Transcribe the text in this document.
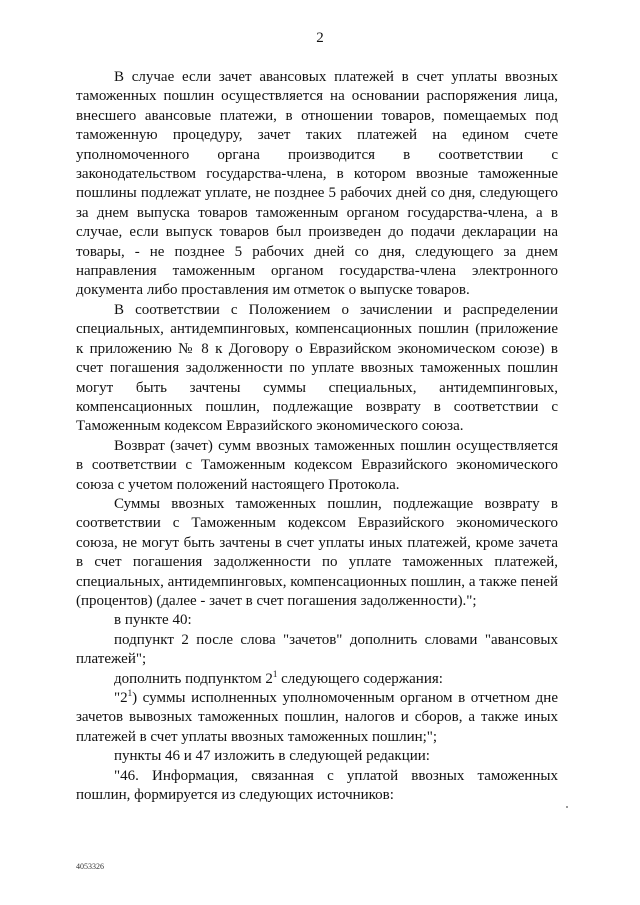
2

В случае если зачет авансовых платежей в счет уплаты ввозных таможенных пошлин осуществляется на основании распоряжения лица, внесшего авансовые платежи, в отношении товаров, помещаемых под таможенную процедуру, зачет таких платежей на едином счете уполномоченного органа производится в соответствии с законодательством государства-члена, в котором ввозные таможенные пошлины подлежат уплате, не позднее 5 рабочих дней со дня, следующего за днем выпуска товаров таможенным органом государства-члена, а в случае, если выпуск товаров был произведен до подачи декларации на товары, - не позднее 5 рабочих дней со дня, следующего за днем направления таможенным органом государства-члена электронного документа либо проставления им отметок о выпуске товаров.

В соответствии с Положением о зачислении и распределении специальных, антидемпинговых, компенсационных пошлин (приложение к приложению № 8 к Договору о Евразийском экономическом союзе) в счет погашения задолженности по уплате ввозных таможенных пошлин могут быть зачтены суммы специальных, антидемпинговых, компенсационных пошлин, подлежащие возврату в соответствии с Таможенным кодексом Евразийского экономического союза.

Возврат (зачет) сумм ввозных таможенных пошлин осуществляется в соответствии с Таможенным кодексом Евразийского экономического союза с учетом положений настоящего Протокола.

Суммы ввозных таможенных пошлин, подлежащие возврату в соответствии с Таможенным кодексом Евразийского экономического союза, не могут быть зачтены в счет уплаты иных платежей, кроме зачета в счет погашения задолженности по уплате таможенных платежей, специальных, антидемпинговых, компенсационных пошлин, а также пеней (процентов) (далее - зачет в счет погашения задолженности).";

в пункте 40:

подпункт 2 после слова "зачетов" дополнить словами "авансовых платежей";

дополнить подпунктом $2^1$ следующего содержания:

"$2^1$) суммы исполненных уполномоченным органом в отчетном дне зачетов вывозных таможенных пошлин, налогов и сборов, а также иных платежей в счет уплаты ввозных таможенных пошлин;";

пункты 46 и 47 изложить в следующей редакции:

"46. Информация, связанная с уплатой ввозных таможенных пошлин, формируется из следующих источников:

4053326
